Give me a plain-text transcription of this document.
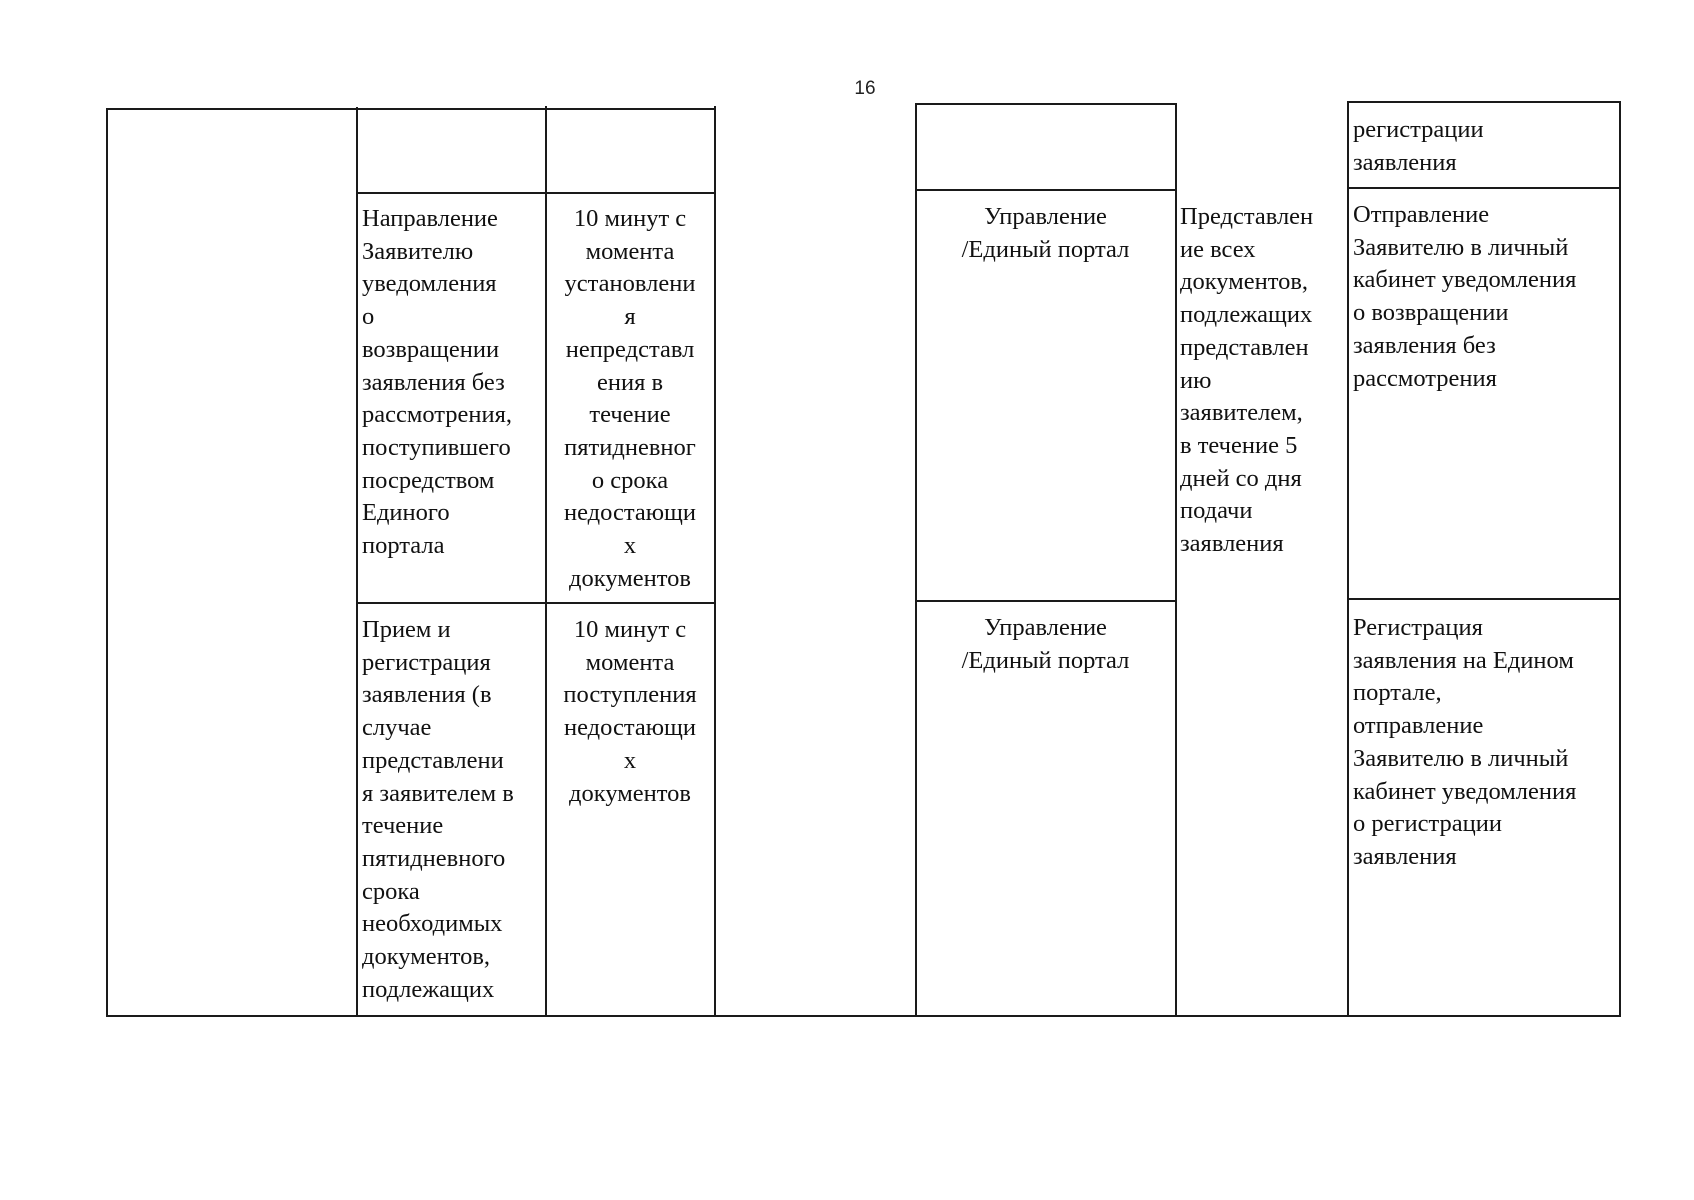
16
регистрации
заявления
Направление
Заявителю
уведомления
о
возвращении
заявления без
рассмотрения,
поступившего
посредством
Единого
портала
10 минут с
момента
установлени
я
непредставл
ения в
течение
пятидневног
о срока
недостающи
х
документов
Управление
/Единый портал
Представлен
ие всех
документов,
подлежащих
представлен
ию
заявителем,
в течение 5
дней со дня
подачи
заявления
Отправление
Заявителю в личный
кабинет уведомления
о возвращении
заявления без
рассмотрения
Прием и
регистрация
заявления (в
случае
представлени
я заявителем в
течение
пятидневного
срока
необходимых
документов,
подлежащих
10 минут с
момента
поступления
недостающи
х
документов
Управление
/Единый портал
Регистрация
заявления на Едином
портале,
отправление
Заявителю в личный
кабинет уведомления
о регистрации
заявления
